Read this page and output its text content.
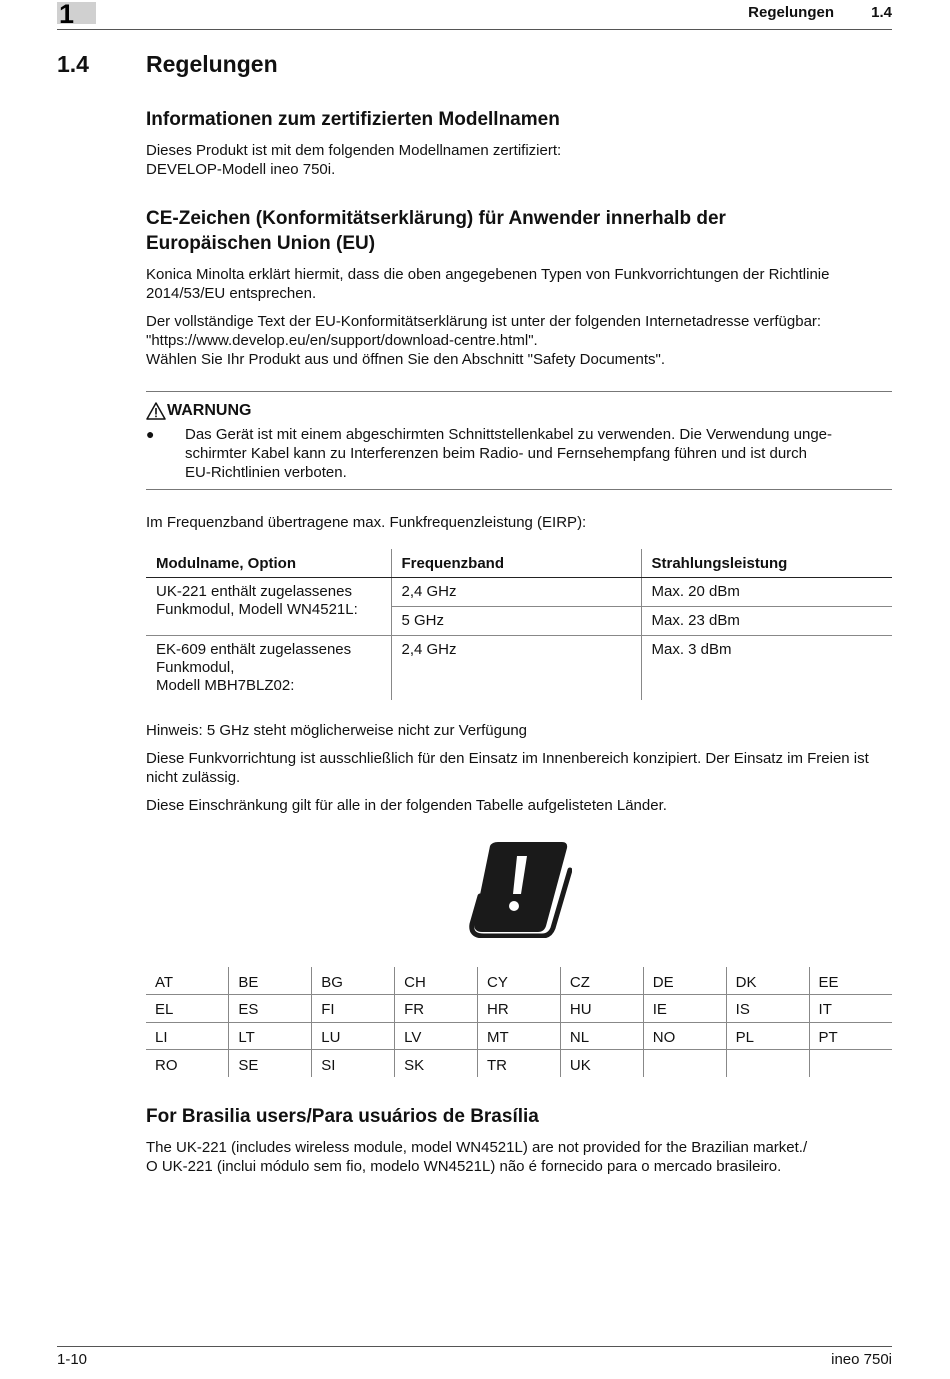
1	Regelungen 1.4
1.4 Regelungen
Informationen zum zertifizierten Modellnamen

Dieses Produkt ist mit dem folgenden Modellnamen zertifiziert:

DEVELOP-Modell ineo 750i.

CE-Zeichen (Konformitätserklärung) für Anwender innerhalb der
Europäischen Union (EU)

Konica Minolta erklärt hiermit, dass die oben angegebenen Typen von Funkvorrichtungen der Richtlinie

2014/53/EU entsprechen.

Der vollständige Text der EU-Konformitätserklärung ist unter der folgenden Internetadresse verfügbar:

"https://www.develop.eu/en/support/download-centre.html".

Wählen Sie Ihr Produkt aus und öffnen Sie den Abschnitt "Safety Documents".

WARNUNG
● Das Gerät ist mit einem abgeschirmten Schnittstellenkabel zu verwenden. Die Verwendung unge-
schirmter Kabel kann zu Interferenzen beim Radio- und Fernsehempfang führen und ist durch
EU-Richtlinien verboten.

Im Frequenzband übertragene max. Funkfrequenzleistung (EIRP):

Modulname, Option	Frequenzband	Strahlungsleistung

UK-221 enthält zugelassenes
Funkmodul, Modell WN4521L:	2,4 GHz	Max. 20 dBm
	5 GHz	Max. 23 dBm

EK-609 enthält zugelassenes
Funkmodul,
Modell MBH7BLZ02:	2,4 GHz	Max. 3 dBm

Hinweis: 5 GHz steht möglicherweise nicht zur Verfügung

Diese Funkvorrichtung ist ausschließlich für den Einsatz im Innenbereich konzipiert. Der Einsatz im Freien ist

nicht zulässig.

Diese Einschränkung gilt für alle in der folgenden Tabelle aufgelisteten Länder.

AT	BE	BG	CH	CY	CZ	DE	DK	EE
EL	ES	FI	FR	HR	HU	IE	IS	IT
LI	LT	LU	LV	MT	NL	NO	PL	PT
RO	SE	SI	SK	TR	UK			
For Brasilia users/Para usuários de Brasília

The UK-221 (includes wireless module, model WN4521L) are not provided for the Brazilian market./

O UK-221 (inclui módulo sem fio, modelo WN4521L) não é fornecido para o mercado brasileiro.

1-10	ineo 750i
